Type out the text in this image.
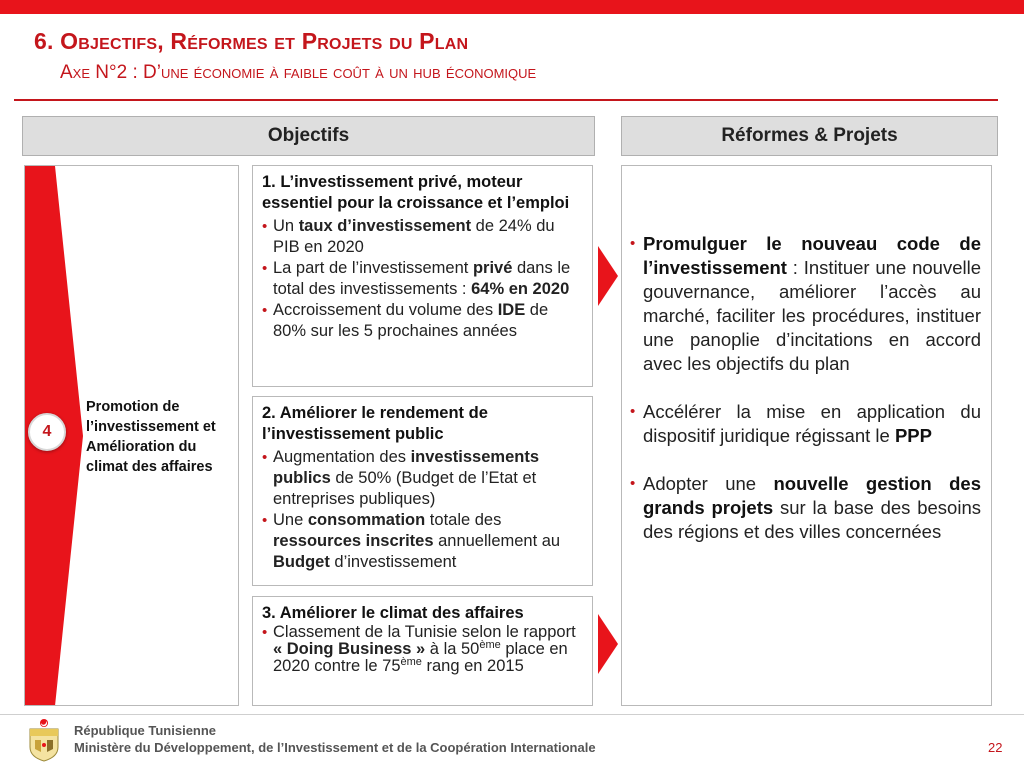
6. Objectifs, Réformes et Projets du Plan
Axe N°2 : D’une économie à faible coût à un hub économique
Objectifs	Réformes & Projets
4
Promotion de l’investissement et Amélioration du climat des affaires
1. L’investissement privé, moteur essentiel pour la croissance et l’emploi
• Un taux d’investissement de 24% du PIB en 2020
• La part de l’investissement privé dans le total des investissements : 64% en 2020
• Accroissement du volume des IDE de 80% sur les 5 prochaines années
2. Améliorer le rendement de l’investissement public
• Augmentation des investissements publics de 50% (Budget de l’Etat et entreprises publiques)
• Une consommation totale des ressources inscrites annuellement au Budget d’investissement
3. Améliorer le climat des affaires
• Classement de la Tunisie selon le rapport « Doing Business » à la 50ème place en 2020 contre le 75ème rang en 2015
• Promulguer le nouveau code de l’investissement : Instituer une nouvelle gouvernance, améliorer l’accès au marché, faciliter les procédures, instituer une panoplie d’incitations en accord avec les objectifs du plan
• Accélérer la mise en application du dispositif juridique régissant le PPP
• Adopter une nouvelle gestion des grands projets sur la base des besoins des régions et des villes concernées
République Tunisienne
Ministère du Développement, de l’Investissement et de la Coopération Internationale	22
